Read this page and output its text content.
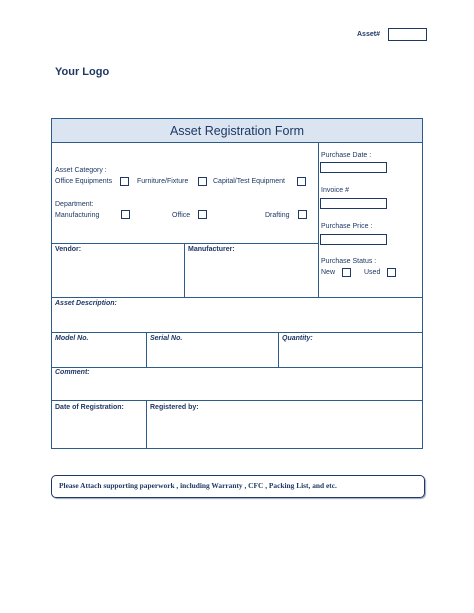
Asset#
Your Logo
Asset Registration Form
Asset Category :
Office Equipments	Furniture/Fixture	Capital/Test Equipment
Department:
Manufacturing	Office	Drafting
Purchase Date :
Invoice #
Purchase Price :
Purchase Status :
New	Used
Vendor:	Manufacturer:
Asset Description:
Model No.	Serial No.	Quantity:
Comment:
Date of Registration:	Registered by:
Please Attach supporting paperwork , including Warranty , CFC , Packing List, and etc.
